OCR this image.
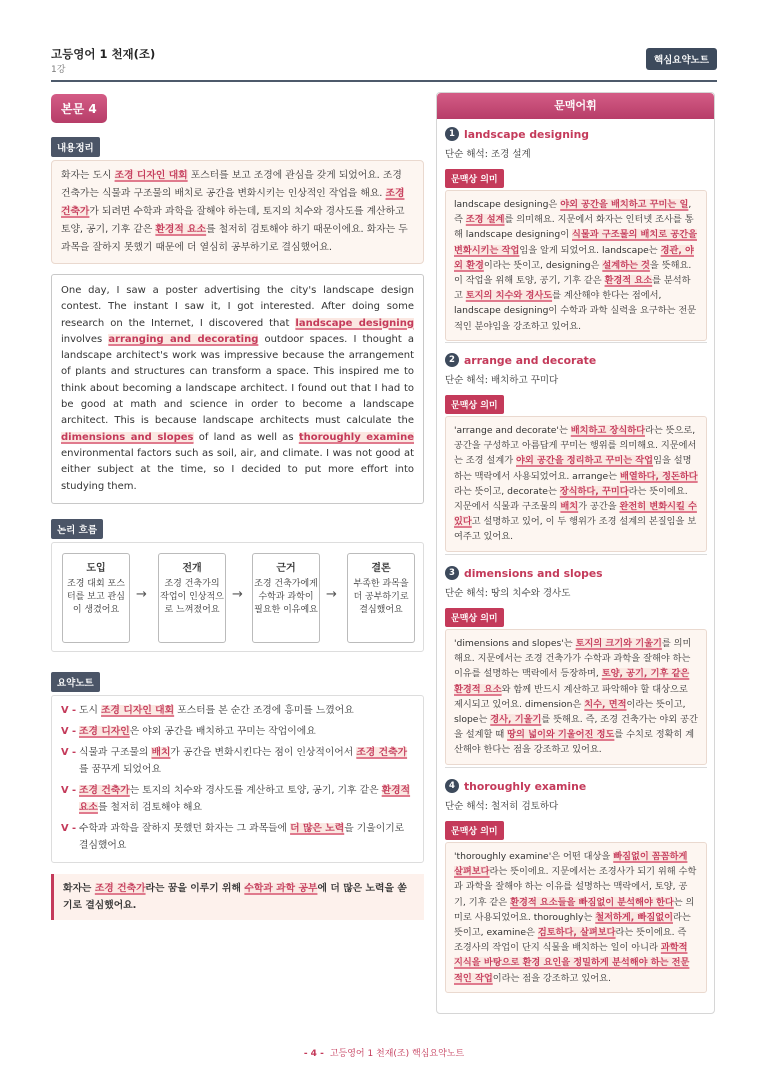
고등영어 1 천재(조)
1강
핵심요약노트
본문 4
내용정리
화자는 도시 조경 디자인 대회 포스터를 보고 조경에 관심을 갖게 되었어요. 조경 건축가는 식물과 구조물의 배치로 공간을 변화시키는 인상적인 작업을 해요. 조경 건축가가 되려면 수학과 과학을 잘해야 하는데, 토지의 치수와 경사도를 계산하고 토양, 공기, 기후 같은 환경적 요소를 철저히 검토해야 하기 때문이에요. 화자는 두 과목을 잘하지 못했기 때문에 더 열심히 공부하기로 결심했어요.
One day, I saw a poster advertising the city's landscape design contest. The instant I saw it, I got interested. After doing some research on the Internet, I discovered that landscape designing involves arranging and decorating outdoor spaces. I thought a landscape architect's work was impressive because the arrangement of plants and structures can transform a space. This inspired me to think about becoming a landscape architect. I found out that I had to be good at math and science in order to become a landscape architect. This is because landscape architects must calculate the dimensions and slopes of land as well as thoroughly examine environmental factors such as soil, air, and climate. I was not good at either subject at the time, so I decided to put more effort into studying them.
논리 흐름
도입
조경 대회 포스터를 보고 관심이 생겼어요
→
전개
조경 건축가의 작업이 인상적으로 느껴졌어요
→
근거
조경 건축가에게 수학과 과학이 필요한 이유예요
→
결론
부족한 과목을 더 공부하기로 결심했어요
요약노트
V - 도시 조경 디자인 대회 포스터를 본 순간 조경에 흥미를 느꼈어요
V - 조경 디자인은 야외 공간을 배치하고 꾸미는 작업이에요
V - 식물과 구조물의 배치가 공간을 변화시킨다는 점이 인상적이어서 조경 건축가를 꿈꾸게 되었어요
V - 조경 건축가는 토지의 치수와 경사도를 계산하고 토양, 공기, 기후 같은 환경적 요소를 철저히 검토해야 해요
V - 수학과 과학을 잘하지 못했던 화자는 그 과목들에 더 많은 노력을 기울이기로 결심했어요
화자는 조경 건축가라는 꿈을 이루기 위해 수학과 과학 공부에 더 많은 노력을 쏟기로 결심했어요.
문맥어휘
1 landscape designing
단순 해석: 조경 설계
문맥상 의미
landscape designing은 야외 공간을 배치하고 꾸미는 일, 즉 조경 설계를 의미해요. 지문에서 화자는 인터넷 조사를 통해 landscape designing이 식물과 구조물의 배치로 공간을 변화시키는 작업임을 알게 되었어요. landscape는 경관, 야외 환경이라는 뜻이고, designing은 설계하는 것을 뜻해요. 이 작업을 위해 토양, 공기, 기후 같은 환경적 요소를 분석하고 토지의 치수와 경사도를 계산해야 한다는 점에서, landscape designing이 수학과 과학 실력을 요구하는 전문적인 분야임을 강조하고 있어요.
2 arrange and decorate
단순 해석: 배치하고 꾸미다
문맥상 의미
'arrange and decorate'는 배치하고 장식하다라는 뜻으로, 공간을 구성하고 아름답게 꾸미는 행위를 의미해요. 지문에서는 조경 설계가 야외 공간을 정리하고 꾸미는 작업임을 설명하는 맥락에서 사용되었어요. arrange는 배열하다, 정돈하다라는 뜻이고, decorate는 장식하다, 꾸미다라는 뜻이에요. 지문에서 식물과 구조물의 배치가 공간을 완전히 변화시킬 수 있다고 설명하고 있어, 이 두 행위가 조경 설계의 본질임을 보여주고 있어요.
3 dimensions and slopes
단순 해석: 땅의 치수와 경사도
문맥상 의미
'dimensions and slopes'는 토지의 크기와 기울기를 의미해요. 지문에서는 조경 건축가가 수학과 과학을 잘해야 하는 이유를 설명하는 맥락에서 등장하며, 토양, 공기, 기후 같은 환경적 요소와 함께 반드시 계산하고 파악해야 할 대상으로 제시되고 있어요. dimension은 치수, 면적이라는 뜻이고, slope는 경사, 기울기를 뜻해요. 즉, 조경 건축가는 야외 공간을 설계할 때 땅의 넓이와 기울어진 정도를 수치로 정확히 계산해야 한다는 점을 강조하고 있어요.
4 thoroughly examine
단순 해석: 철저히 검토하다
문맥상 의미
'thoroughly examine'은 어떤 대상을 빠짐없이 꼼꼼하게 살펴보다라는 뜻이에요. 지문에서는 조경사가 되기 위해 수학과 과학을 잘해야 하는 이유를 설명하는 맥락에서, 토양, 공기, 기후 같은 환경적 요소들을 빠짐없이 분석해야 한다는 의미로 사용되었어요. thoroughly는 철저하게, 빠짐없이라는 뜻이고, examine은 검토하다, 살펴보다라는 뜻이에요. 즉 조경사의 작업이 단지 식물을 배치하는 일이 아니라 과학적 지식을 바탕으로 환경 요인을 정밀하게 분석해야 하는 전문적인 작업이라는 점을 강조하고 있어요.
- 4 - 고등영어 1 천재(조) 핵심요약노트
